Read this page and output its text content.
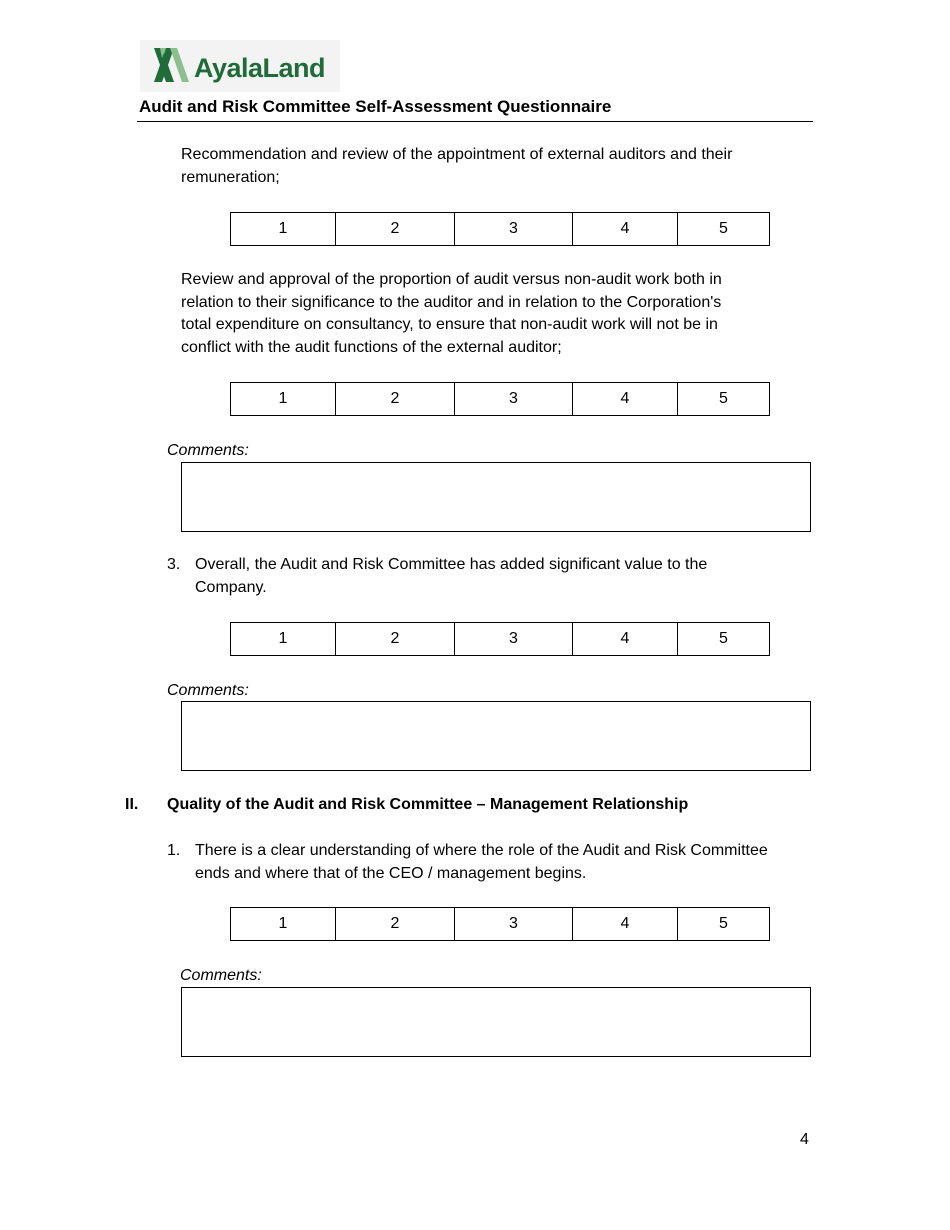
AyalaLand
Audit and Risk Committee Self-Assessment Questionnaire
Recommendation and review of the appointment of external auditors and their
remuneration;
1	2	3	4	5
Review and approval of the proportion of audit versus non-audit work both in
relation to their significance to the auditor and in relation to the Corporation's
total expenditure on consultancy, to ensure that non-audit work will not be in
conflict with the audit functions of the external auditor;
1	2	3	4	5
Comments:
3. Overall, the Audit and Risk Committee has added significant value to the
Company.
1	2	3	4	5
Comments:
II. Quality of the Audit and Risk Committee – Management Relationship
1. There is a clear understanding of where the role of the Audit and Risk Committee
ends and where that of the CEO / management begins.
1	2	3	4	5
Comments:
4
